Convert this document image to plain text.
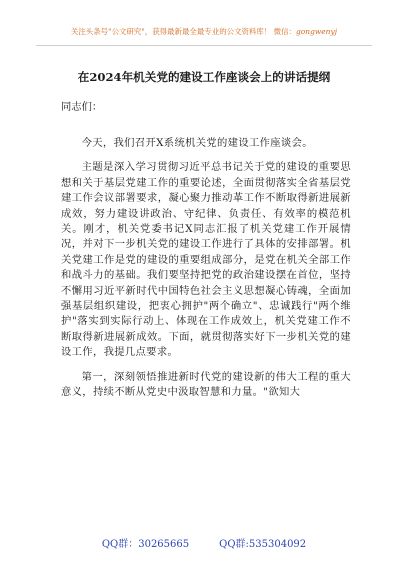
关注头条号"公文研究"，获得最新最全最专业的公文资料库！ 微信：gongwenyj
在2024年机关党的建设工作座谈会上的讲话提纲
同志们：

今天，我们召开X系统机关党的建设工作座谈会。

主题是深入学习贯彻习近平总书记关于党的建设的重要思想和关于基层党建工作的重要论述，全面贯彻落实全省基层党建工作会议部署要求，凝心聚力推动革工作不断取得新进展新成效，努力建设讲政治、守纪律、负责任、有效率的模范机关。刚才，机关党委书记X同志汇报了机关党建工作开展情况，并对下一步机关党的建设工作进行了具体的安排部署。机关党建工作是党的建设的重要组成部分，是党在机关全部工作和战斗力的基础。我们要坚持把党的政治建设摆在首位，坚持不懈用习近平新时代中国特色社会主义思想凝心铸魂，全面加强基层组织建设，把衷心拥护"两个确立"、忠诚践行"两个维护"落实到实际行动上、体现在工作成效上，机关党建工作不断取得新进展新成效。下面，就贯彻落实好下一步机关党的建设工作，我提几点要求。

第一，深刻领悟推进新时代党的建设新的伟大工程的重大意义，持续不断从党史中汲取智慧和力量。"欲知大

QQ群：30265665	QQ群:535304092
